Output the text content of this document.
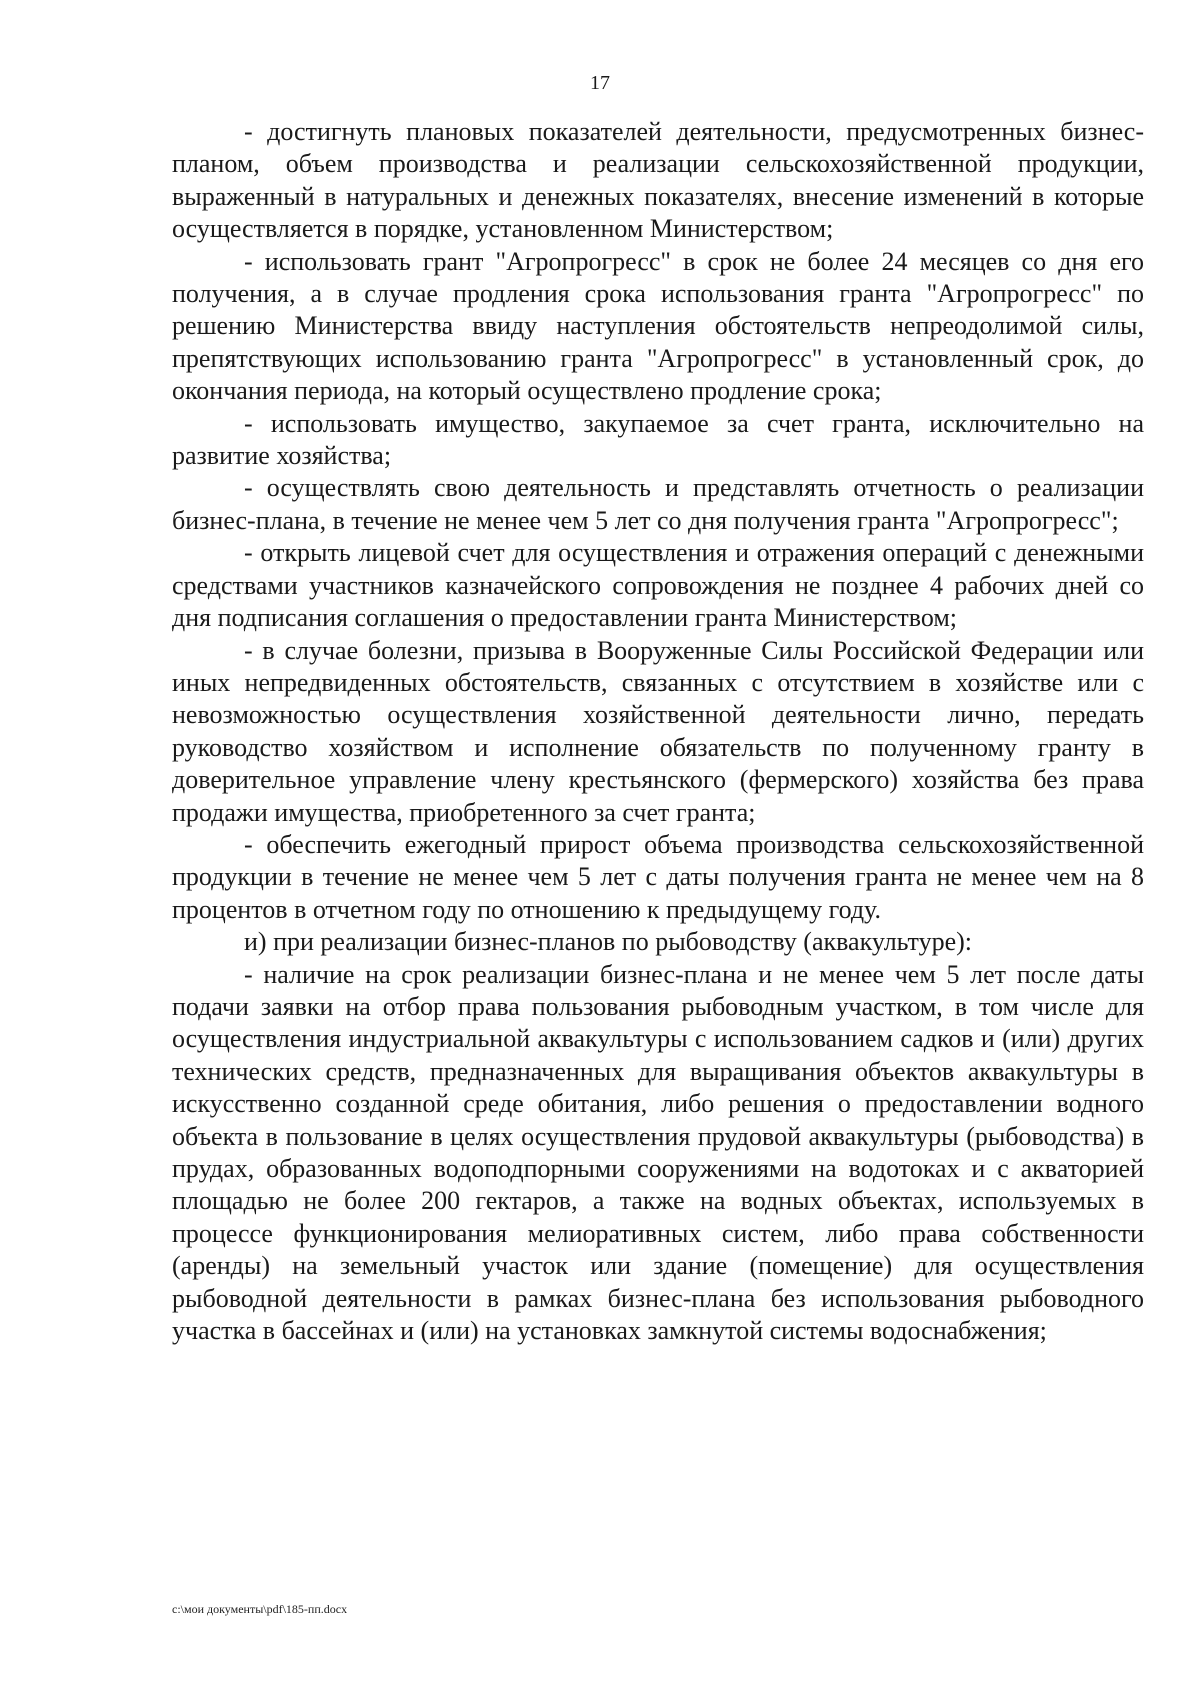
17

- достигнуть плановых показателей деятельности, предусмотренных бизнес-планом, объем производства и реализации сельскохозяйственной продукции, выраженный в натуральных и денежных показателях, внесение изменений в которые осуществляется в порядке, установленном Министерством;

- использовать грант "Агропрогресс" в срок не более 24 месяцев со дня его получения, а в случае продления срока использования гранта "Агропрогресс" по решению Министерства ввиду наступления обстоятельств непреодолимой силы, препятствующих использованию гранта "Агропрогресс" в установленный срок, до окончания периода, на который осуществлено продление срока;

- использовать имущество, закупаемое за счет гранта, исключительно на развитие хозяйства;

- осуществлять свою деятельность и представлять отчетность о реализации бизнес-плана, в течение не менее чем 5 лет со дня получения гранта "Агропрогресс";

- открыть лицевой счет для осуществления и отражения операций с денежными средствами участников казначейского сопровождения не позднее 4 рабочих дней со дня подписания соглашения о предоставлении гранта Министерством;

- в случае болезни, призыва в Вооруженные Силы Российской Федерации или иных непредвиденных обстоятельств, связанных с отсутствием в хозяйстве или с невозможностью осуществления хозяйственной деятельности лично, передать руководство хозяйством и исполнение обязательств по полученному гранту в доверительное управление члену крестьянского (фермерского) хозяйства без права продажи имущества, приобретенного за счет гранта;

- обеспечить ежегодный прирост объема производства сельскохозяйственной продукции в течение не менее чем 5 лет с даты получения гранта не менее чем на 8 процентов в отчетном году по отношению к предыдущему году.

и) при реализации бизнес-планов по рыбоводству (аквакультуре):

- наличие на срок реализации бизнес-плана и не менее чем 5 лет после даты подачи заявки на отбор права пользования рыбоводным участком, в том числе для осуществления индустриальной аквакультуры с использованием садков и (или) других технических средств, предназначенных для выращивания объектов аквакультуры в искусственно созданной среде обитания, либо решения о предоставлении водного объекта в пользование в целях осуществления прудовой аквакультуры (рыбоводства) в прудах, образованных водоподпорными сооружениями на водотоках и с акваторией площадью не более 200 гектаров, а также на водных объектах, используемых в процессе функционирования мелиоративных систем, либо права собственности (аренды) на земельный участок или здание (помещение) для осуществления рыбоводной деятельности в рамках бизнес-плана без использования рыбоводного участка в бассейнах и (или) на установках замкнутой системы водоснабжения;

c:\мои документы\pdf\185-пп.docx
